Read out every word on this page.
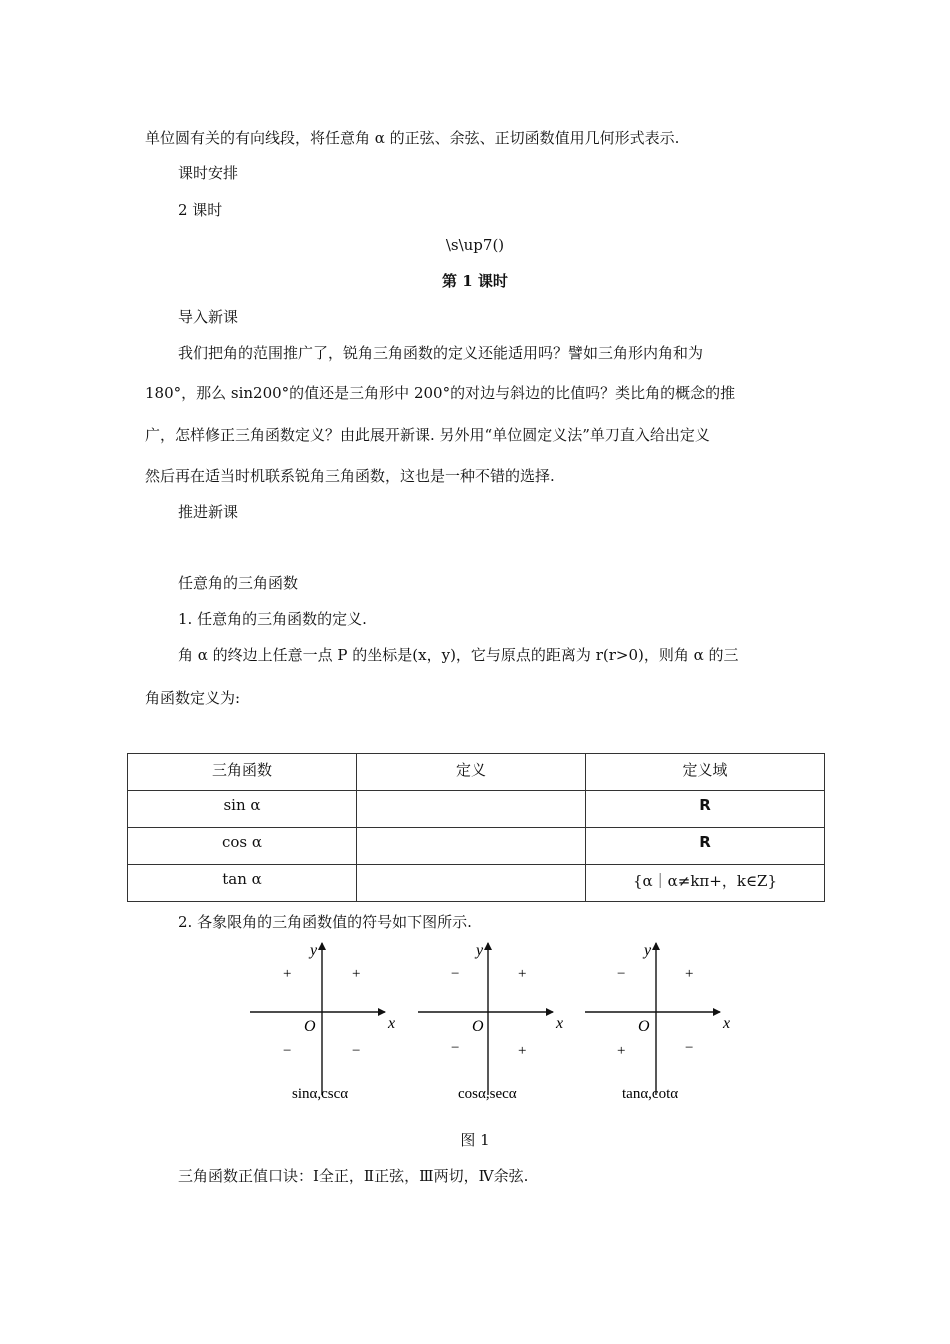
单位圆有关的有向线段，将任意角 α 的正弦、余弦、正切函数值用几何形式表示.
课时安排
2 课时
\s\up7()
第 1 课时
导入新课
我们把角的范围推广了，锐角三角函数的定义还能适用吗？譬如三角形内角和为
180°，那么 sin200°的值还是三角形中 200°的对边与斜边的比值吗？类比角的概念的推
广，怎样修正三角函数定义？由此展开新课. 另外用“单位圆定义法”单刀直入给出定义
然后再在适当时机联系锐角三角函数，这也是一种不错的选择.
推进新课
任意角的三角函数
1. 任意角的三角函数的定义.
角 α 的终边上任意一点 P 的坐标是(x，y)，它与原点的距离为 r(r>0)，则角 α 的三
角函数定义为:
三角函数	定义	定义域
sin α		R
cos α		R
tan α		{α｜α≠kπ+，k∈Z}
2. 各象限角的三角函数值的符号如下图所示.
y
x
O
+	+
−	−
sinα,cscα
y
x
O
−	+
−	+
cosα,secα
y
x
O
−	+
+	−
tanα,cotα
图 1
三角函数正值口诀：Ⅰ全正，Ⅱ正弦，Ⅲ两切，Ⅳ余弦.
